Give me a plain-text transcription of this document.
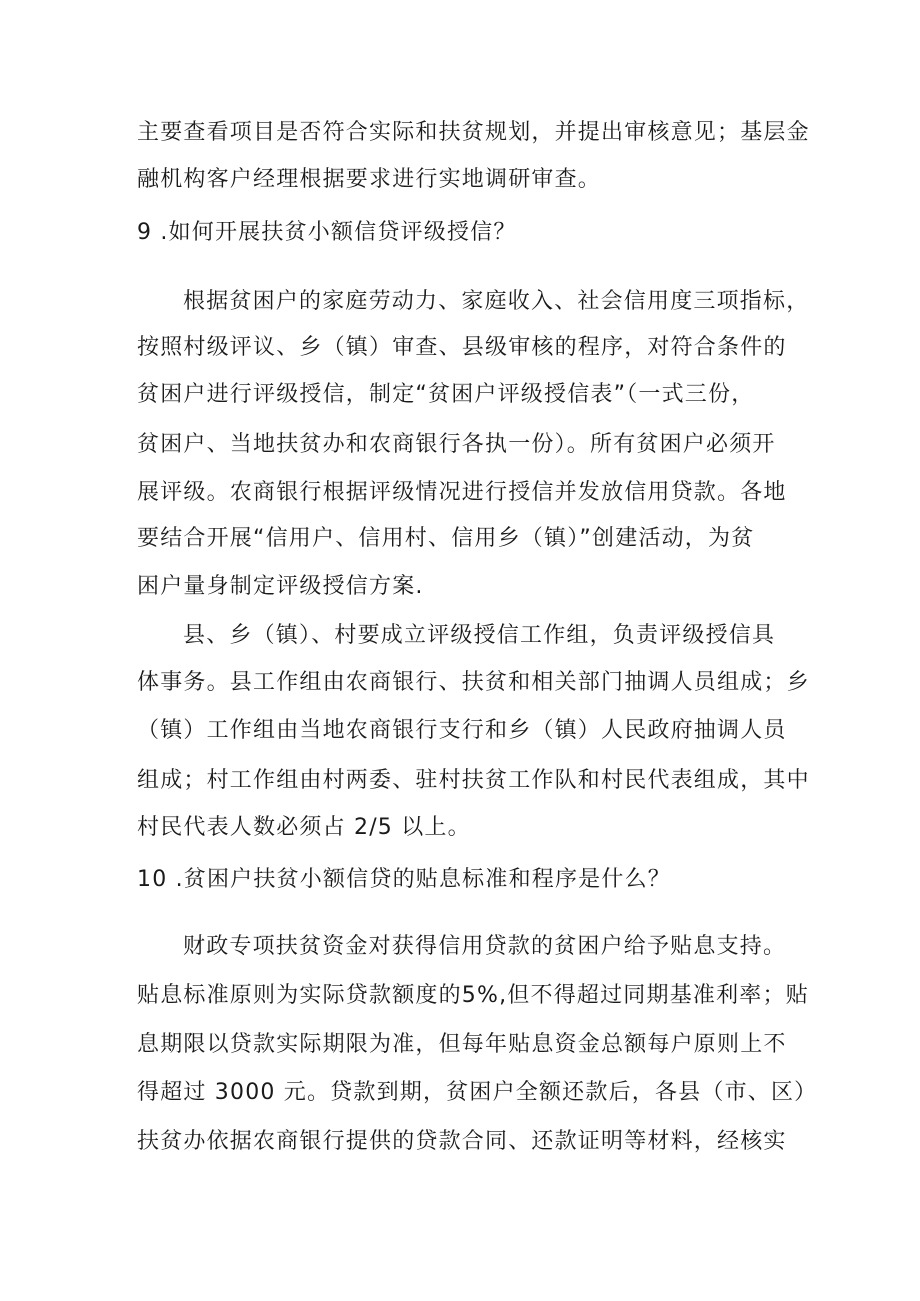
主要查看项目是否符合实际和扶贫规划，并提出审核意见；基层金
融机构客户经理根据要求进行实地调研审查。
9 .如何开展扶贫小额信贷评级授信？
根据贫困户的家庭劳动力、家庭收入、社会信用度三项指标，
按照村级评议、乡（镇）审查、县级审核的程序，对符合条件的
贫困户进行评级授信，制定“贫困户评级授信表”（一式三份，
贫困户、当地扶贫办和农商银行各执一份）。所有贫困户必须开
展评级。农商银行根据评级情况进行授信并发放信用贷款。各地
要结合开展“信用户、信用村、信用乡（镇）”创建活动，为贫
困户量身制定评级授信方案.
县、乡（镇）、村要成立评级授信工作组，负责评级授信具
体事务。县工作组由农商银行、扶贫和相关部门抽调人员组成；乡
（镇）工作组由当地农商银行支行和乡（镇）人民政府抽调人员
组成；村工作组由村两委、驻村扶贫工作队和村民代表组成，其中
村民代表人数必须占 2/5 以上。
10 .贫困户扶贫小额信贷的贴息标准和程序是什么？
财政专项扶贫资金对获得信用贷款的贫困户给予贴息支持。
贴息标准原则为实际贷款额度的5%,但不得超过同期基准利率；贴
息期限以贷款实际期限为准，但每年贴息资金总额每户原则上不
得超过 3000 元。贷款到期，贫困户全额还款后，各县（市、区）
扶贫办依据农商银行提供的贷款合同、还款证明等材料，经核实
